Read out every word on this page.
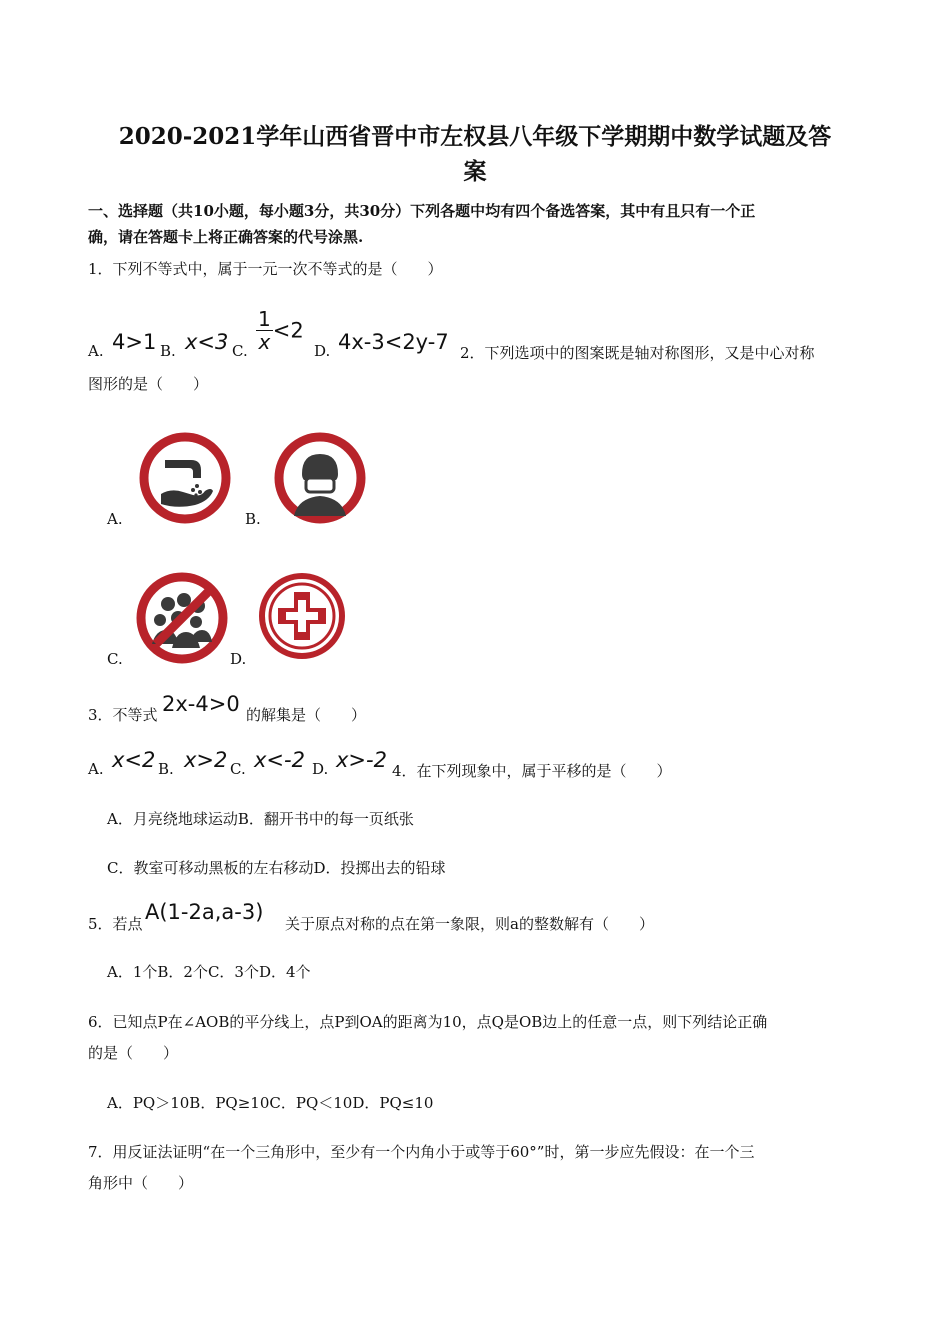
2020-2021学年山西省晋中市左权县八年级下学期期中数学试题及答
案
一、选择题（共10小题，每小题3分，共30分）下列各题中均有四个备选答案，其中有且只有一个正
确，请在答题卡上将正确答案的代号涂黑.
1．下列不等式中，属于一元一次不等式的是（　　）
A. 4>1 B. x<3 C. $\frac{1}{x} <2$
D. 4x-3<2y-7 2．下列选项中的图案既是轴对称图形，又是中心对称
图形的是（　　）
A.	B.
C.	D.
3．不等式 2x-4>0 的解集是（　　）
A. x<2 B. x>2 C. x<-2 D. x>-2 4．在下列现象中，属于平移的是（　　）
A．月亮绕地球运动B．翻开书中的每一页纸张
C．教室可移动黑板的左右移动D．投掷出去的铅球
5．若点 A(1-2a,a-3) 关于原点对称的点在第一象限，则a的整数解有（　　）
A．1个B．2个C．3个D．4个
6．已知点P在∠AOB的平分线上，点P到OA的距离为10，点Q是OB边上的任意一点，则下列结论正确
的是（　　）
A．PQ＞10B．PQ≥10C．PQ＜10D．PQ≤10
7．用反证法证明“在一个三角形中，至少有一个内角小于或等于60°”时，第一步应先假设：在一个三
角形中（　　）
